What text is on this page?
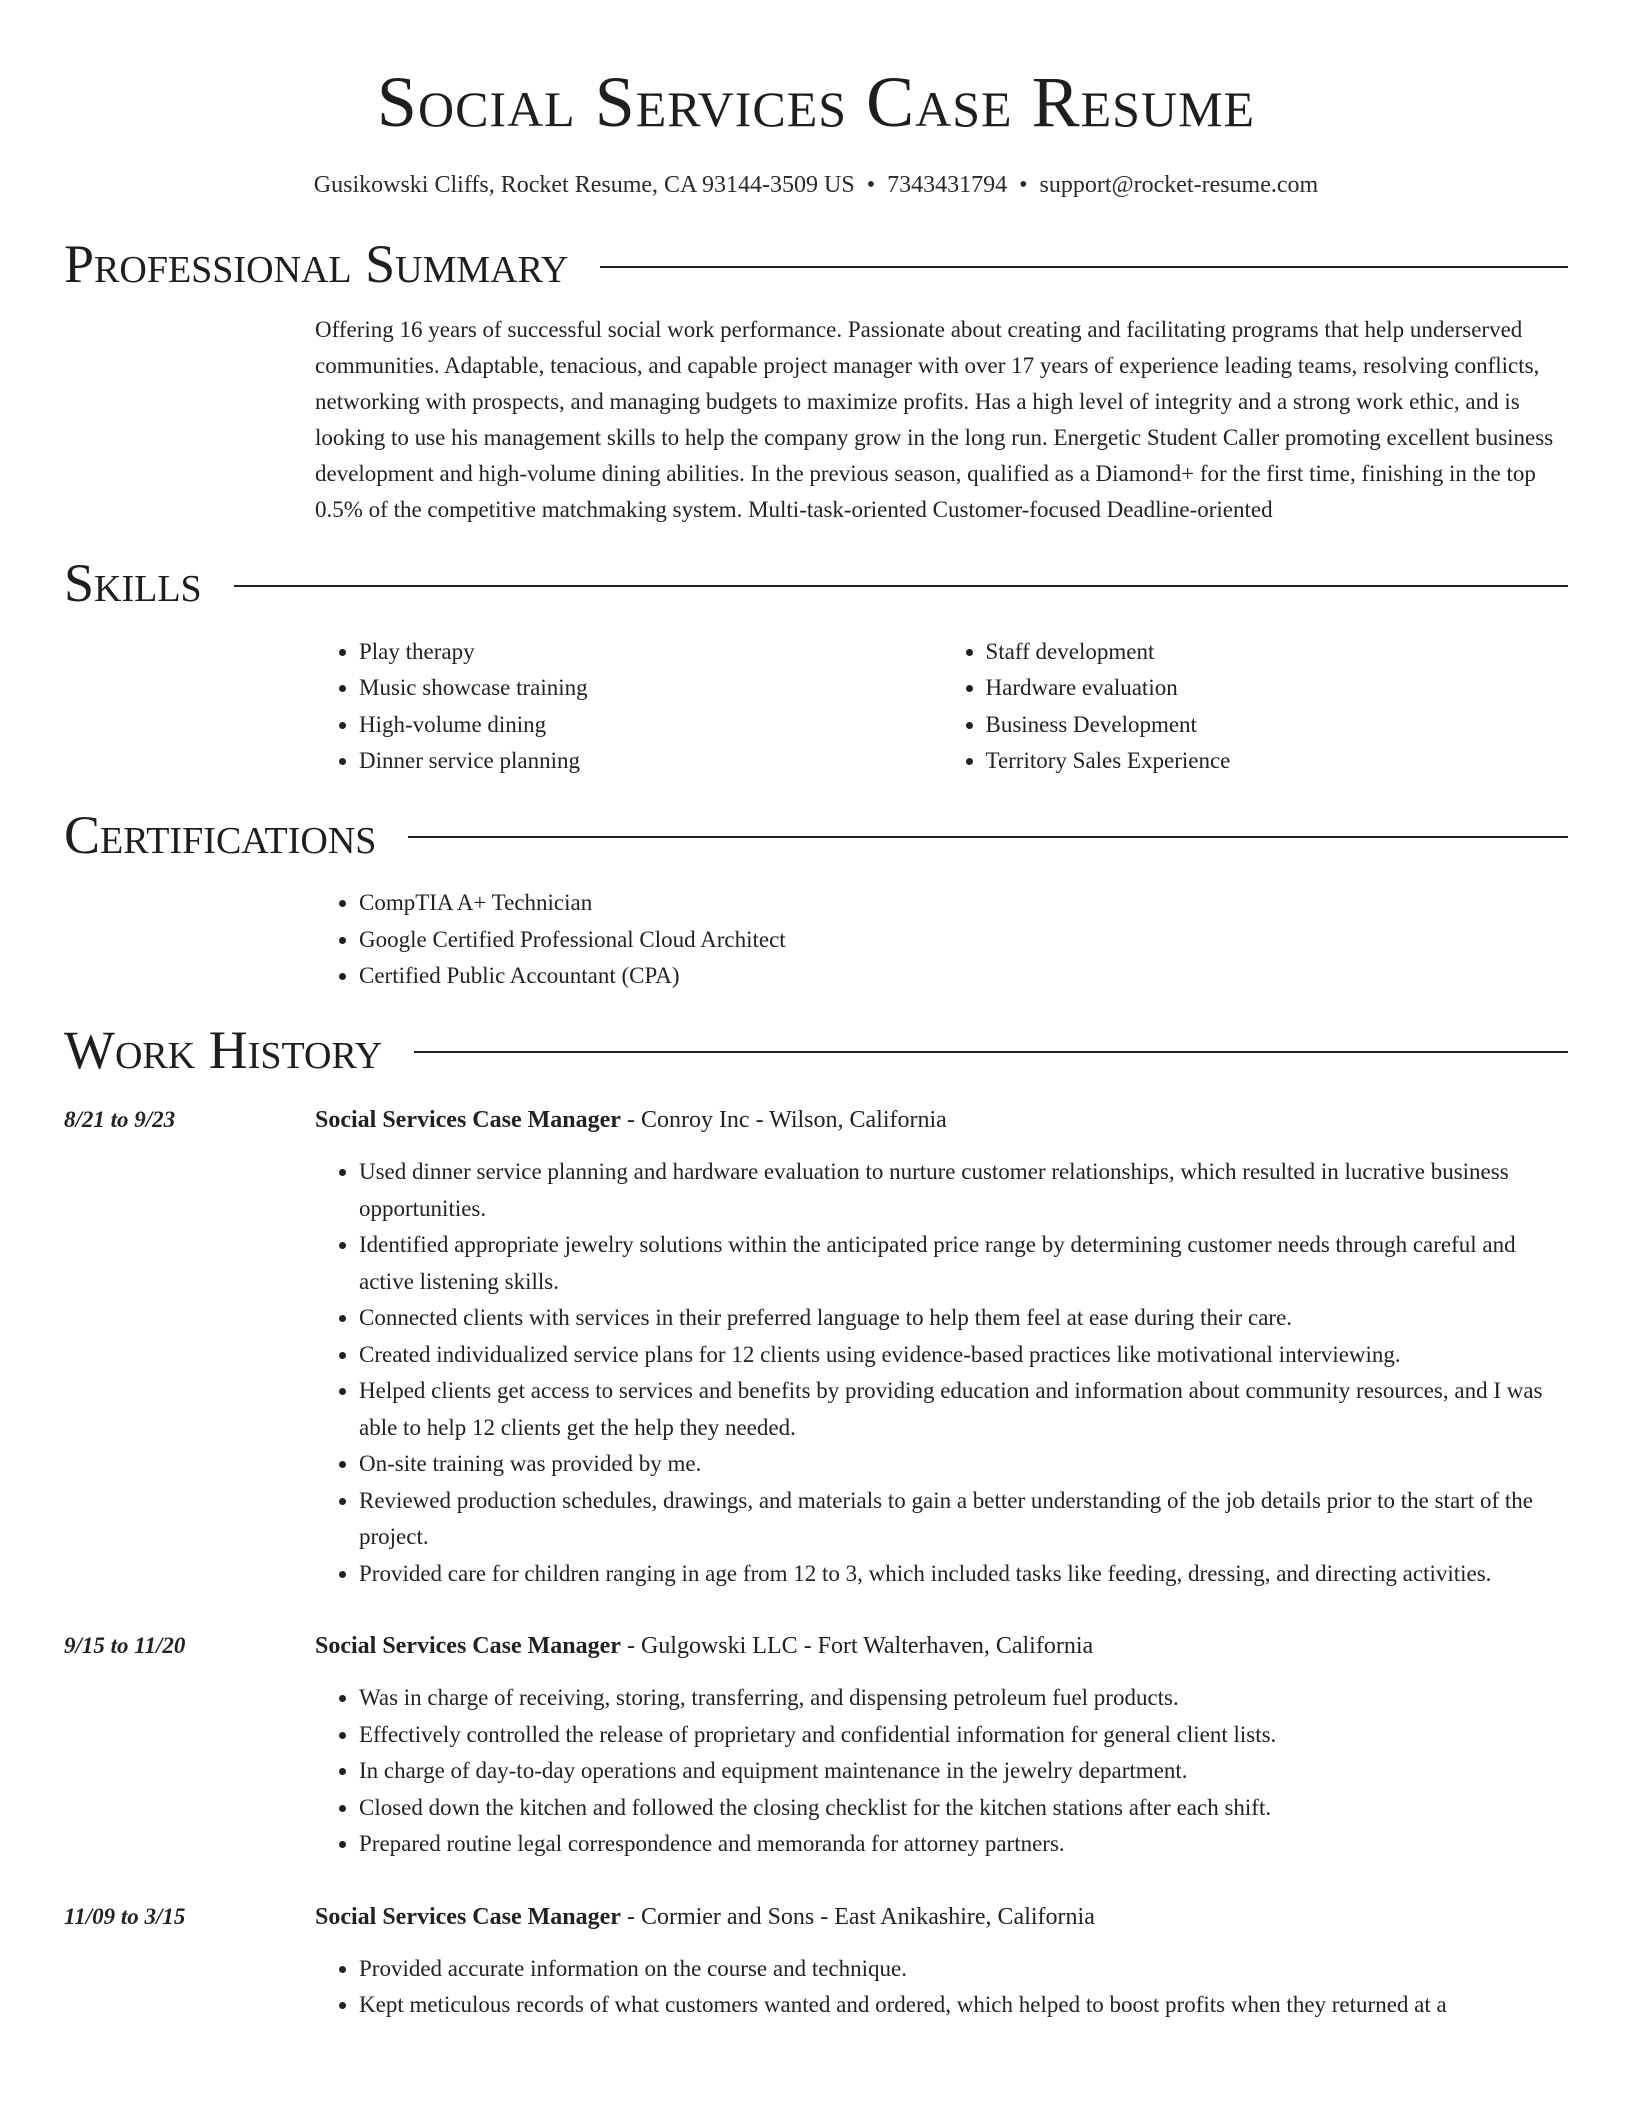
Social Services Case Resume
Gusikowski Cliffs, Rocket Resume, CA 93144-3509 US • 7343431794 • support@rocket-resume.com
Professional Summary
Offering 16 years of successful social work performance. Passionate about creating and facilitating programs that help underserved communities. Adaptable, tenacious, and capable project manager with over 17 years of experience leading teams, resolving conflicts, networking with prospects, and managing budgets to maximize profits. Has a high level of integrity and a strong work ethic, and is looking to use his management skills to help the company grow in the long run. Energetic Student Caller promoting excellent business development and high-volume dining abilities. In the previous season, qualified as a Diamond+ for the first time, finishing in the top 0.5% of the competitive matchmaking system. Multi-task-oriented Customer-focused Deadline-oriented
Skills
• Play therapy
• Music showcase training
• High-volume dining
• Dinner service planning
• Staff development
• Hardware evaluation
• Business Development
• Territory Sales Experience
Certifications
• CompTIA A+ Technician
• Google Certified Professional Cloud Architect
• Certified Public Accountant (CPA)
Work History
8/21 to 9/23	Social Services Case Manager - Conroy Inc - Wilson, California
• Used dinner service planning and hardware evaluation to nurture customer relationships, which resulted in lucrative business opportunities.
• Identified appropriate jewelry solutions within the anticipated price range by determining customer needs through careful and active listening skills.
• Connected clients with services in their preferred language to help them feel at ease during their care.
• Created individualized service plans for 12 clients using evidence-based practices like motivational interviewing.
• Helped clients get access to services and benefits by providing education and information about community resources, and I was able to help 12 clients get the help they needed.
• On-site training was provided by me.
• Reviewed production schedules, drawings, and materials to gain a better understanding of the job details prior to the start of the project.
• Provided care for children ranging in age from 12 to 3, which included tasks like feeding, dressing, and directing activities.
9/15 to 11/20	Social Services Case Manager - Gulgowski LLC - Fort Walterhaven, California
• Was in charge of receiving, storing, transferring, and dispensing petroleum fuel products.
• Effectively controlled the release of proprietary and confidential information for general client lists.
• In charge of day-to-day operations and equipment maintenance in the jewelry department.
• Closed down the kitchen and followed the closing checklist for the kitchen stations after each shift.
• Prepared routine legal correspondence and memoranda for attorney partners.
11/09 to 3/15	Social Services Case Manager - Cormier and Sons - East Anikashire, California
• Provided accurate information on the course and technique.
• Kept meticulous records of what customers wanted and ordered, which helped to boost profits when they returned at a
